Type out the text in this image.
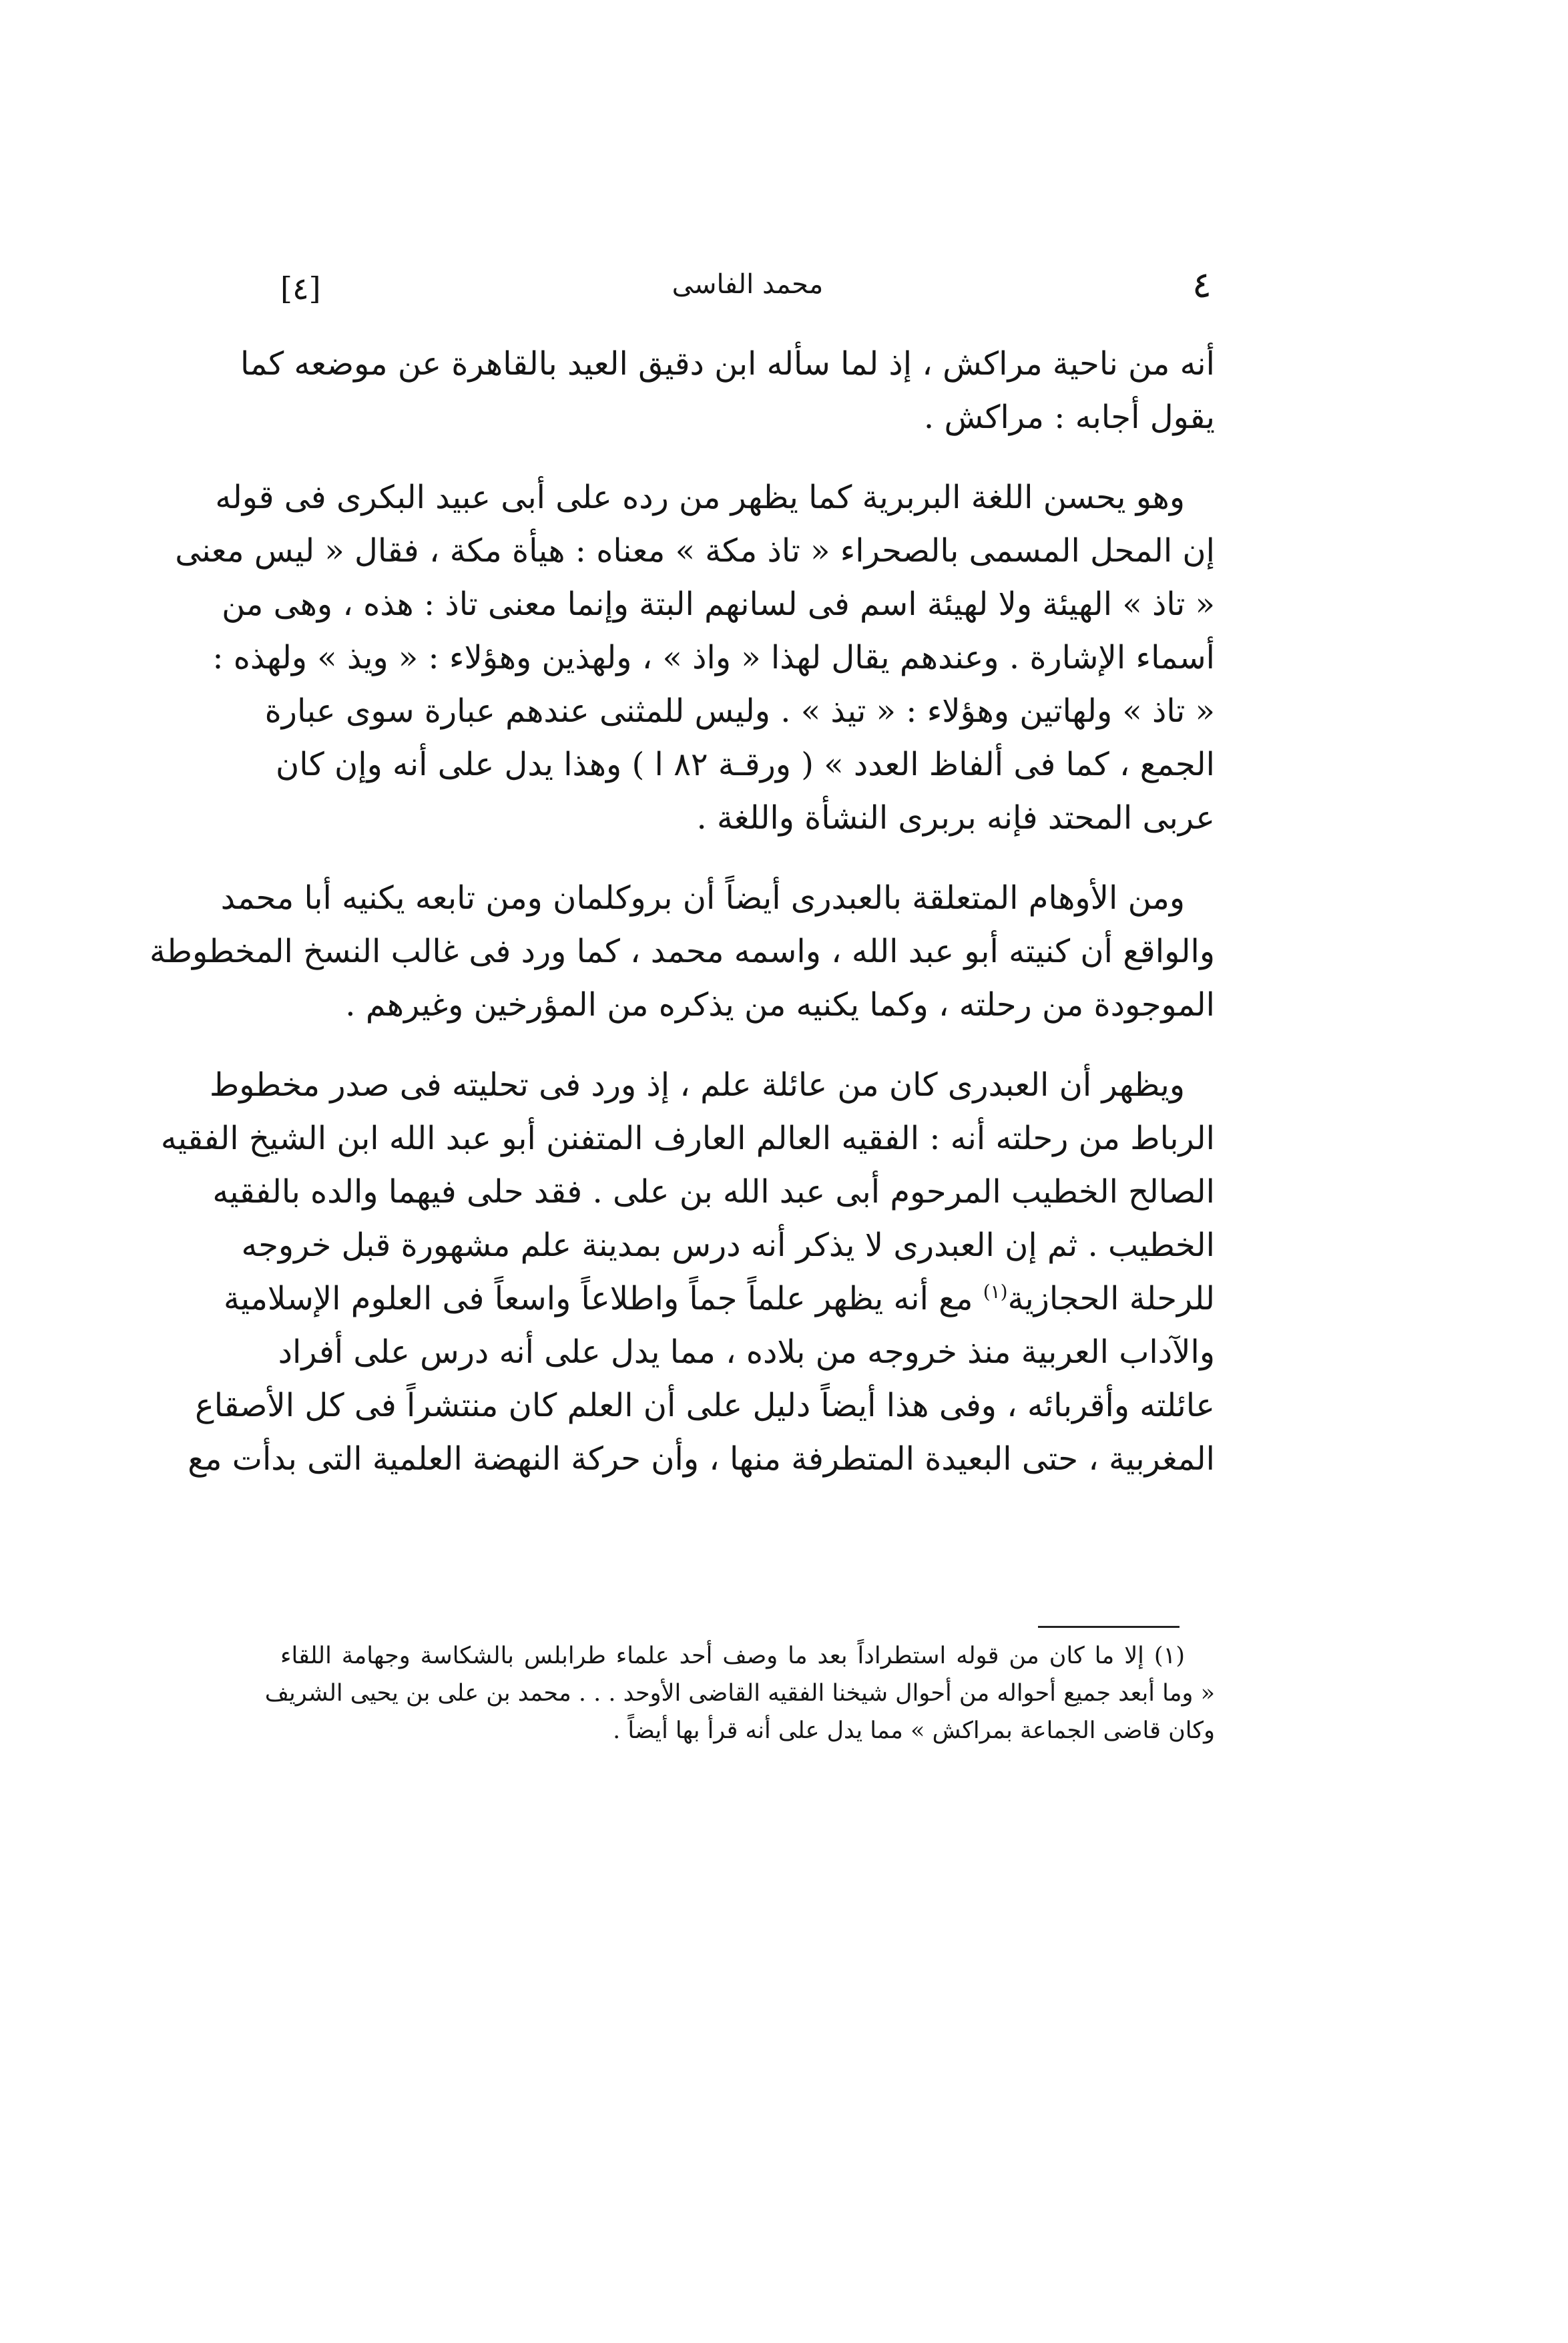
[٤]	محمد الفاسى	٤
أنه من ناحية مراكش ، إذ لما سأله ابن دقيق العيد بالقاهرة عن موضعه كما
يقول أجابه : مراكش .
وهو يحسن اللغة البربرية كما يظهر من رده على أبى عبيد البكرى فى قوله
إن المحل المسمى بالصحراء « تاذ مكة » معناه : هيأة مكة ، فقال « ليس معنى
« تاذ » الهيئة ولا لهيئة اسم فى لسانهم البتة وإنما معنى تاذ : هذه ، وهى من
أسماء الإشارة . وعندهم يقال لهذا « واذ » ، ولهذين وهؤلاء : « ويذ » ولهذه :
« تاذ » ولهاتين وهؤلاء : « تيذ » . وليس للمثنى عندهم عبارة سوى عبارة
الجمع ، كما فى ألفاظ العدد » ( ورقـة ٨٢ ا ) وهذا يدل على أنه وإن كان
عربى المحتد فإنه بربرى النشأة واللغة .
ومن الأوهام المتعلقة بالعبدرى أيضاً أن بروكلمان ومن تابعه يكنيه أبا محمد
والواقع أن كنيته أبو عبد الله ، واسمه محمد ، كما ورد فى غالب النسخ المخطوطة
الموجودة من رحلته ، وكما يكنيه من يذكره من المؤرخين وغيرهم .
ويظهر أن العبدرى كان من عائلة علم ، إذ ورد فى تحليته فى صدر مخطوط
الرباط من رحلته أنه : الفقيه العالم العارف المتفنن أبو عبد الله ابن الشيخ الفقيه
الصالح الخطيب المرحوم أبى عبد الله بن على . فقد حلى فيهما والده بالفقيه
الخطيب . ثم إن العبدرى لا يذكر أنه درس بمدينة علم مشهورة قبل خروجه
للرحلة الحجازية$^{(١)}$ مع أنه يظهر علماً جماً واطلاعاً واسعاً فى العلوم الإسلامية
والآداب العربية منذ خروجه من بلاده ، مما يدل على أنه درس على أفراد
عائلته وأقربائه ، وفى هذا أيضاً دليل على أن العلم كان منتشراً فى كل الأصقاع
المغربية ، حتى البعيدة المتطرفة منها ، وأن حركة النهضة العلمية التى بدأت مع
(١) إلا ما كان من قوله استطراداً بعد ما وصف أحد علماء طرابلس بالشكاسة وجهامة اللقاء
« وما أبعد جميع أحواله من أحوال شيخنا الفقيه القاضى الأوحد . . . محمد بن على بن يحيى الشريف
وكان قاضى الجماعة بمراكش » مما يدل على أنه قرأ بها أيضاً .
